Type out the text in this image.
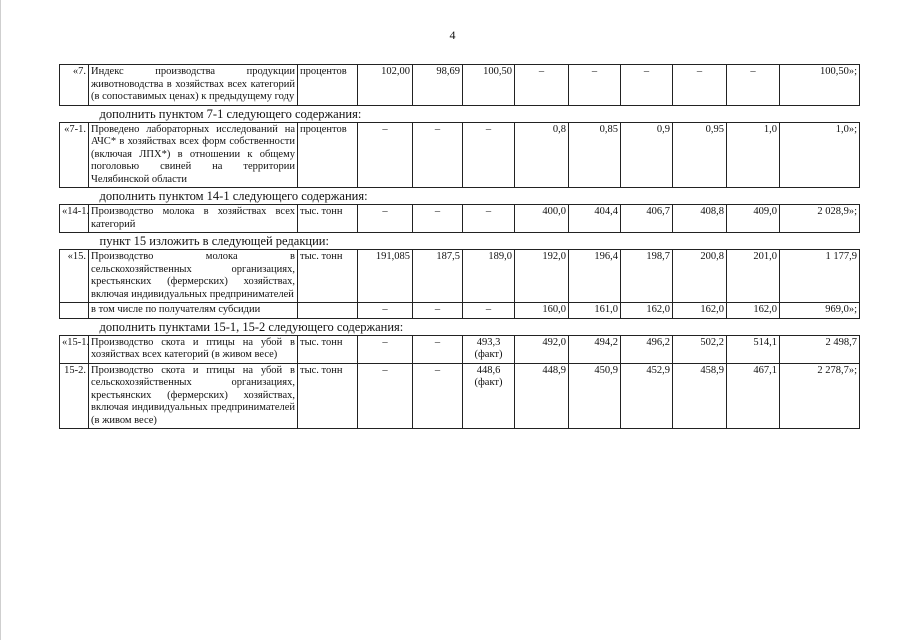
4
«7.	Индекс производства продукции животноводства в хозяйствах всех категорий (в сопоставимых ценах) к предыдущему году	процентов	102,00	98,69	100,50	–	–	–	–	–	100,50»;
дополнить пунктом 7-1 следующего содержания:											
«7-1.	Проведено лабораторных исследований на АЧС* в хозяйствах всех форм собственности (включая ЛПХ*) в отношении к общему поголовью свиней на территории Челябинской области	процентов	–	–	–	0,8	0,85	0,9	0,95	1,0	1,0»;
дополнить пунктом 14-1 следующего содержания:											
«14-1.	Производство молока в хозяйствах всех категорий	тыс. тонн	–	–	–	400,0	404,4	406,7	408,8	409,0	2 028,9»;
пункт 15 изложить в следующей редакции:											
«15.	Производство молока в сельскохозяйственных организациях, крестьянских (фермерских) хозяйствах, включая индивидуальных предпринимателей	тыс. тонн	191,085	187,5	189,0	192,0	196,4	198,7	200,8	201,0	1 177,9
	в том числе по получателям субсидии		–	–	–	160,0	161,0	162,0	162,0	162,0	969,0»;
дополнить пунктами 15-1, 15-2 следующего содержания:											
«15-1.	Производство скота и птицы на убой в хозяйствах всех категорий (в живом весе)	тыс. тонн	–	–	493,3
(факт)	492,0	494,2	496,2	502,2	514,1	2 498,7
15-2.	Производство скота и птицы на убой в сельскохозяйственных организациях, крестьянских (фермерских) хозяйствах, включая индивидуальных предпринимателей (в живом весе)	тыс. тонн	–	–	448,6
(факт)	448,9	450,9	452,9	458,9	467,1	2 278,7»;
